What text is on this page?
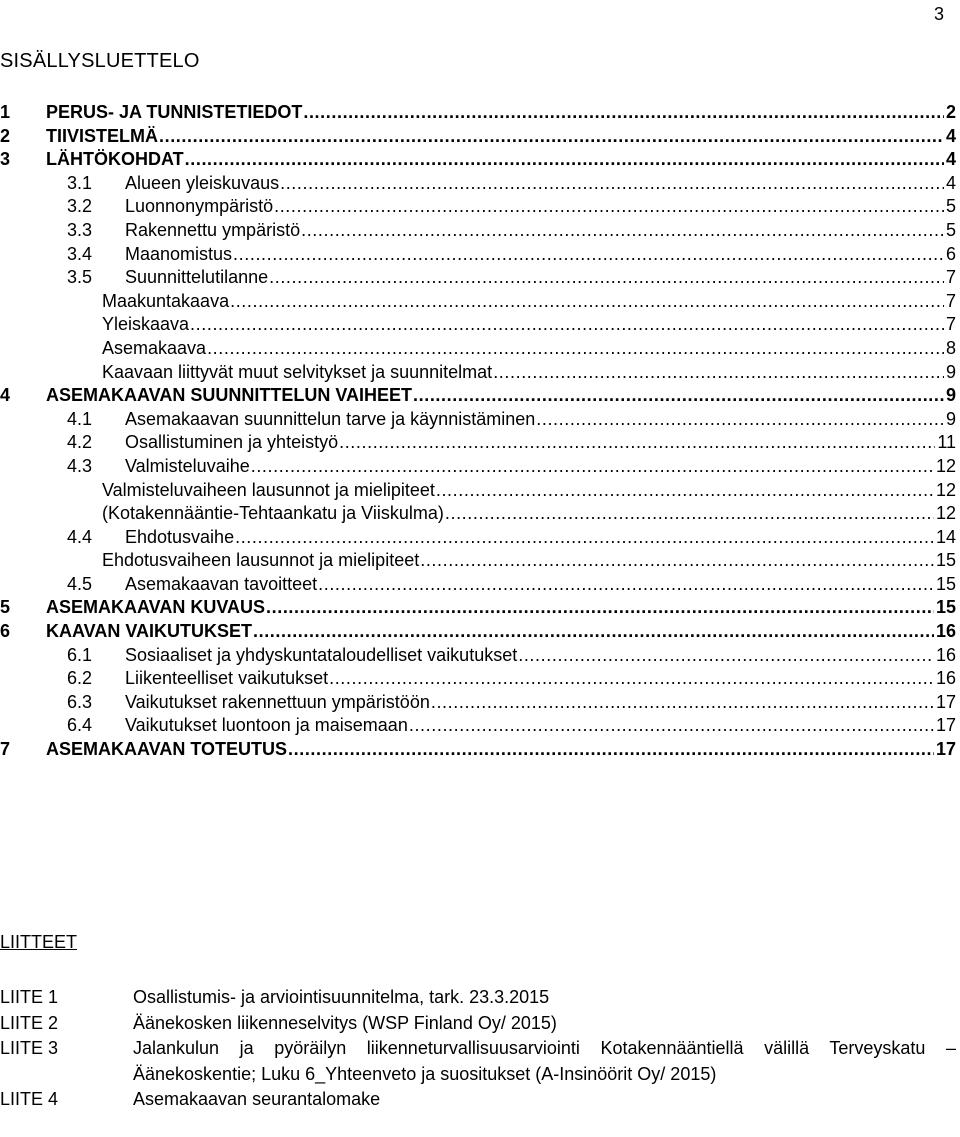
3
SISÄLLYSLUETTELO
1 PERUS- JA TUNNISTETIEDOT .....	2
2 TIIVISTELMÄ .....	4
3 LÄHTÖKOHDAT .....	4
3.1 Alueen yleiskuvaus .....	4
3.2 Luonnonympäristö .....	5
3.3 Rakennettu ympäristö .....	5
3.4 Maanomistus .....	6
3.5 Suunnittelutilanne .....	7
Maakuntakaava .....	7
Yleiskaava .....	7
Asemakaava .....	8
Kaavaan liittyvät muut selvitykset ja suunnitelmat .....	9
4 ASEMAKAAVAN SUUNNITTELUN VAIHEET .....	9
4.1 Asemakaavan suunnittelun tarve ja käynnistäminen .....	9
4.2 Osallistuminen ja yhteistyö .....	11
4.3 Valmisteluvaihe .....	12
Valmisteluvaiheen lausunnot ja mielipiteet .....	12
(Kotakennääntie-Tehtaankatu ja Viiskulma) .....	12
4.4 Ehdotusvaihe .....	14
Ehdotusvaiheen lausunnot ja mielipiteet .....	15
4.5 Asemakaavan tavoitteet .....	15
5 ASEMAKAAVAN KUVAUS .....	15
6 KAAVAN VAIKUTUKSET .....	16
6.1 Sosiaaliset ja yhdyskuntataloudelliset vaikutukset .....	16
6.2 Liikenteelliset vaikutukset .....	16
6.3 Vaikutukset rakennettuun ympäristöön .....	17
6.4 Vaikutukset luontoon ja maisemaan .....	17
7 ASEMAKAAVAN TOTEUTUS .....	17
LIITTEET
LIITE 1	Osallistumis- ja arviointisuunnitelma, tark. 23.3.2015
LIITE 2	Äänekosken liikenneselvitys (WSP Finland Oy/ 2015)
LIITE 3	Jalankulun ja pyöräilyn liikenneturvallisuusarviointi Kotakennääntiellä välillä Terveyskatu – Äänekoskentie; Luku 6_Yhteenveto ja suositukset (A-Insinöörit Oy/ 2015)
LIITE 4	Asemakaavan seurantalomake
